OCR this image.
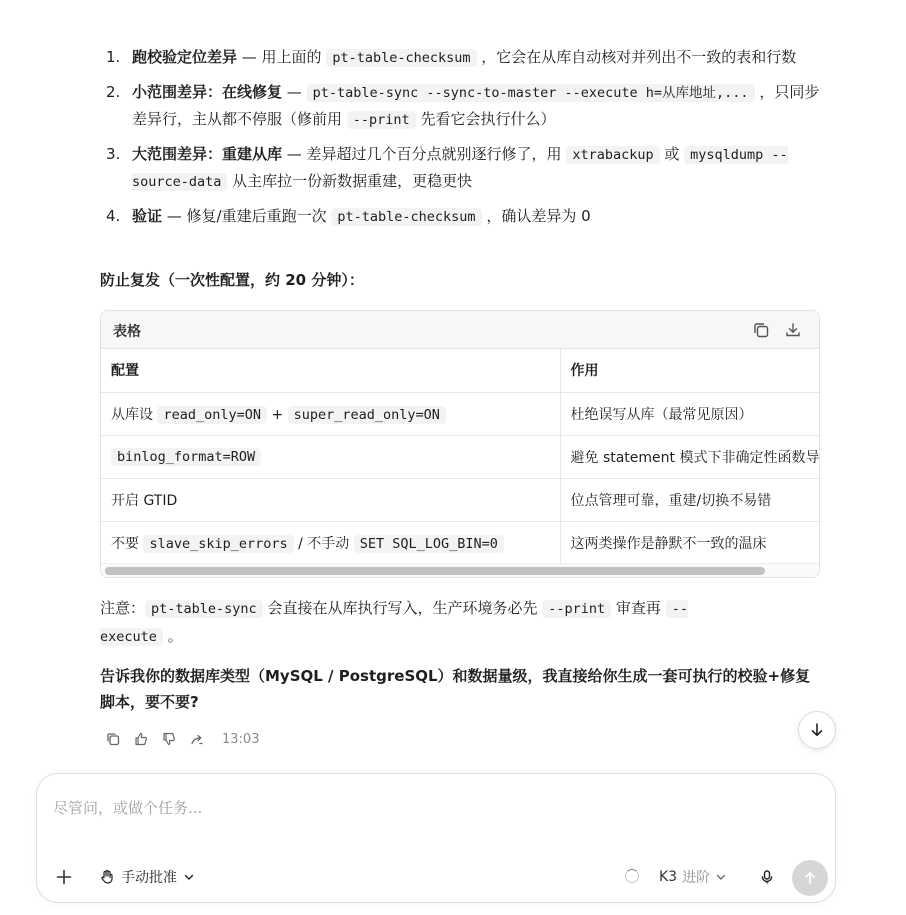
1. 跑校验定位差异 — 用上面的 pt-table-checksum ，它会在从库自动核对并列出不一致的表和行数
2. 小范围差异：在线修复 — pt-table-sync --sync-to-master --execute h=从库地址,... ，只同步差异行，主从都不停服（修前用 --print 先看它会执行什么）
3. 大范围差异：重建从库 — 差异超过几个百分点就别逐行修了，用 xtrabackup 或 mysqldump --source-data 从主库拉一份新数据重建，更稳更快
4. 验证 — 修复/重建后重跑一次 pt-table-checksum ，确认差异为 0
防止复发（一次性配置，约 20 分钟）：
表格
配置	作用
从库设 read_only=ON + super_read_only=ON	杜绝误写从库（最常见原因）
binlog_format=ROW	避免 statement 模式下非确定性函数导
开启 GTID	位点管理可靠，重建/切换不易错
不要 slave_skip_errors / 不手动 SET SQL_LOG_BIN=0	这两类操作是静默不一致的温床
注意： pt-table-sync 会直接在从库执行写入，生产环境务必先 --print 审查再 --execute 。
告诉我你的数据库类型（MySQL / PostgreSQL）和数据量级，我直接给你生成一套可执行的校验+修复脚本，要不要?
13:03
尽管问，或做个任务...
手动批准	K3 进阶
